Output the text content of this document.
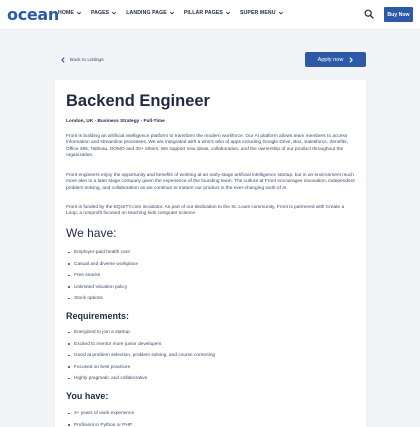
ocean
HOME	PAGES	LANDING PAGE	PILLAR PAGES	SUPER MENU	Buy Now
Back to Listings	Apply now
Backend Engineer
London, UK - Business Strategy - Full-Time
Front is building an artificial intelligence platform to transform the modern workforce. Our AI platform allows team members to access information and streamline processes. We are integrated with a who's who of apps including Google Drive, Box, Salesforce, Zenefits, Office 365, Tableau, DOMO and 40+ others. We support new ideas, collaboration, and the ownership of our product throughout the organization.
Front engineers enjoy the opportunity and benefits of working at an early-stage artificial intelligence startup, but in an environment much more akin to a later stage company given the experience of the founding team. The culture at Front encourages innovation, independent problem solving, and collaboration as we continue to mature our product in the ever-changing work of AI.
Front is funded by the EQUITY.com incubator. As part of our dedication to the St. Louis community, Front is partnered with Create a Loop, a nonprofit focused on teaching kids computer science.
We have:
Employer-paid health care
Casual and diverse workplace
Free snacks
Unlimited Vacation policy
Stock options
Requirements:
Energized to join a startup
Excited to mentor more junior developers
Good at problem selection, problem solving, and course correcting
Focused on best practices
Highly pragmatic and collaborative
You have:
3+ years of work experience
Proficient in Python or PHP
